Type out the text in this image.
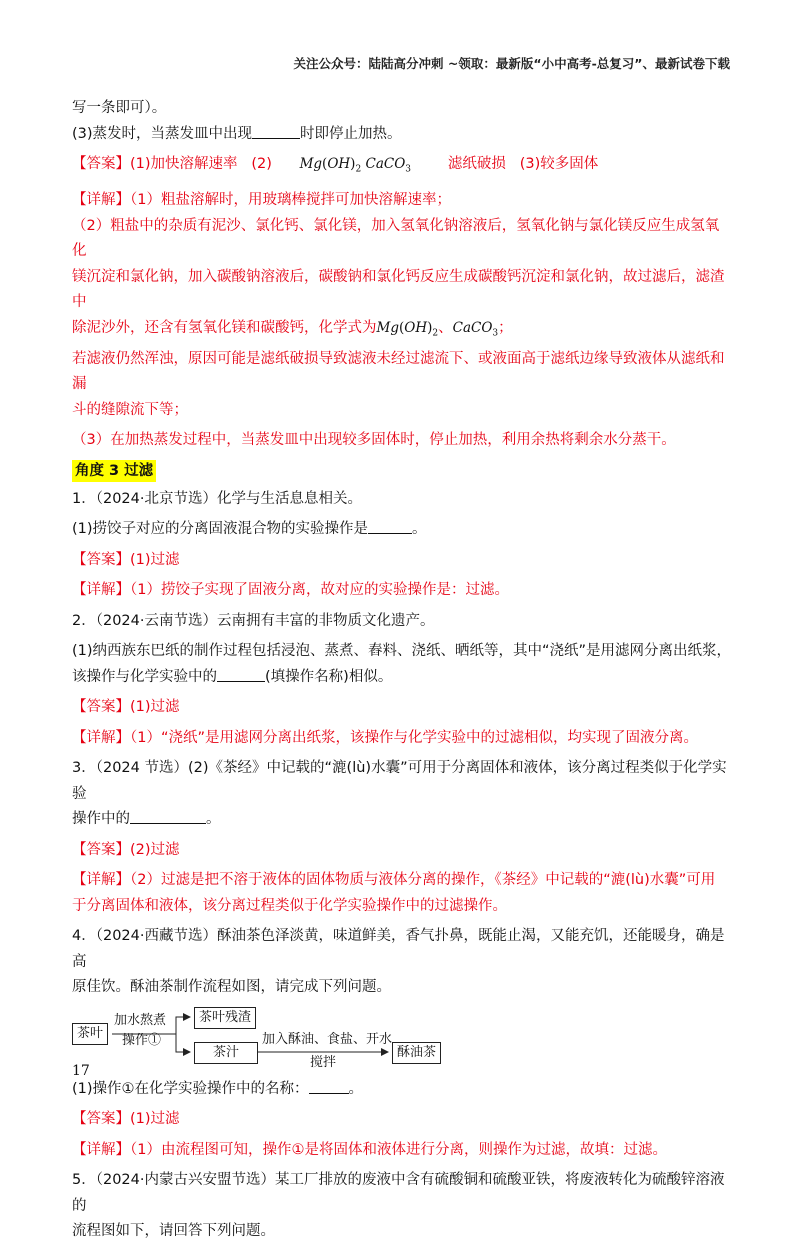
关注公众号：陆陆高分冲刺 ~领取：最新版“小中高考-总复习”、最新试卷下载

写一条即可）。

(3)蒸发时，当蒸发皿中出现	时即停止加热。

【答案】(1)加快溶解速率 (2) $Mg(OH)_2$ CaCO$_3$	滤纸破损 (3)较多固体

【详解】（1）粗盐溶解时，用玻璃棒搅拌可加快溶解速率；

（2）粗盐中的杂质有泥沙、氯化钙、氯化镁，加入氢氧化钠溶液后，氢氧化钠与氯化镁反应生成氢氧化

镁沉淀和氯化钠，加入碳酸钠溶液后，碳酸钠和氯化钙反应生成碳酸钙沉淀和氯化钠，故过滤后，滤渣中

除泥沙外，还含有氢氧化镁和碳酸钙，化学式为$Mg(OH)_2$、CaCO$_3$；

若滤液仍然浑浊，原因可能是滤纸破损导致滤液未经过滤流下、或液面高于滤纸边缘导致液体从滤纸和漏

斗的缝隙流下等；

（3）在加热蒸发过程中，当蒸发皿中出现较多固体时，停止加热，利用余热将剩余水分蒸干。

角度 3 过滤

1．（2024·北京节选）化学与生活息息相关。

(1)捞饺子对应的分离固液混合物的实验操作是	。

【答案】(1)过滤

【详解】（1）捞饺子实现了固液分离，故对应的实验操作是：过滤。

2．（2024·云南节选）云南拥有丰富的非物质文化遗产。

(1)纳西族东巴纸的制作过程包括浸泡、蒸煮、舂料、浇纸、晒纸等，其中“浇纸”是用滤网分离出纸浆，

该操作与化学实验中的	(填操作名称)相似。

【答案】(1)过滤

【详解】（1）“浇纸”是用滤网分离出纸浆，该操作与化学实验中的过滤相似，均实现了固液分离。

3．（2024 节选）(2)《茶经》中记载的“漉(lù)水囊”可用于分离固体和液体，该分离过程类似于化学实验

操作中的	。

【答案】(2)过滤

【详解】（2）过滤是把不溶于液体的固体物质与液体分离的操作，《茶经》中记载的“漉(lù)水囊”可用

于分离固体和液体，该分离过程类似于化学实验操作中的过滤操作。

4．（2024·西藏节选）酥油茶色泽淡黄，味道鲜美，香气扑鼻，既能止渴，又能充饥，还能暖身，确是高

原佳饮。酥油茶制作流程如图，请完成下列问题。

茶叶
加水熬煮
操作①
茶叶残渣
茶汁
加入酥油、食盐、开水
搅拌
酥油茶

(1)操作①在化学实验操作中的名称：	。

【答案】(1)过滤

【详解】（1）由流程图可知，操作①是将固体和液体进行分离，则操作为过滤，故填：过滤。

5．（2024·内蒙古兴安盟节选）某工厂排放的废液中含有硫酸铜和硫酸亚铁，将废液转化为硫酸锌溶液的

流程图如下，请回答下列问题。

17
